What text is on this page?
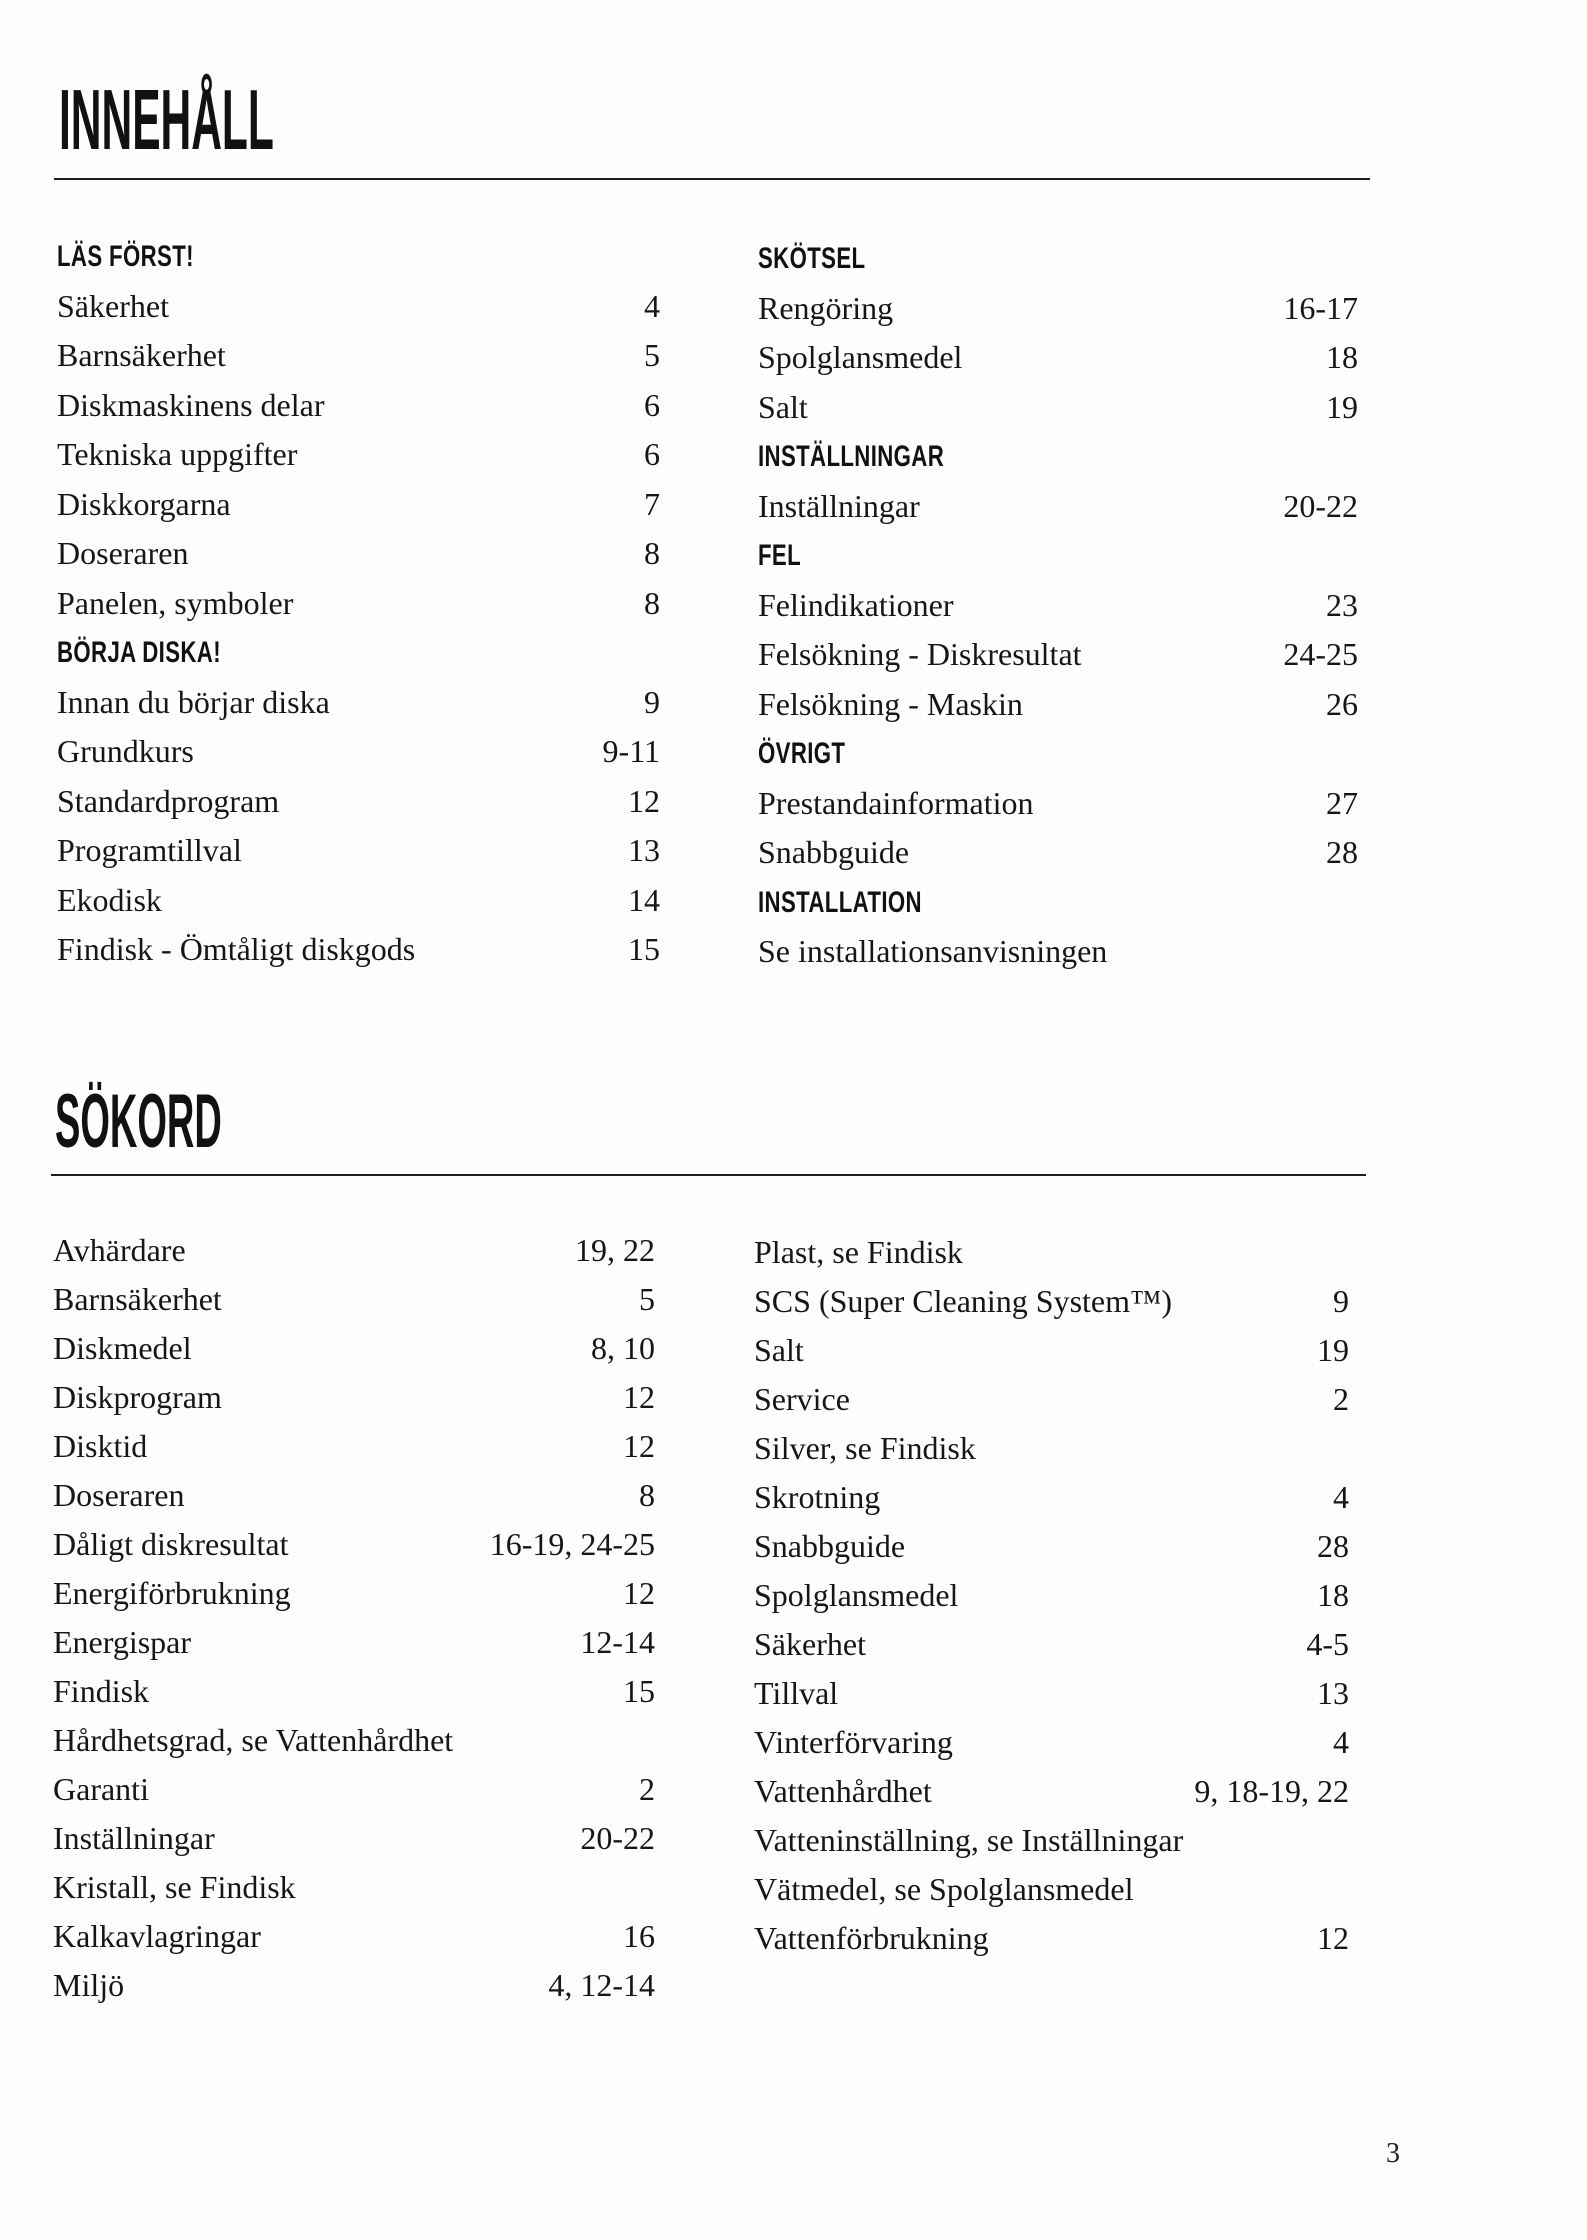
INNEHÅLL
LÄS FÖRST!
Säkerhet	4
Barnsäkerhet	5
Diskmaskinens delar	6
Tekniska uppgifter	6
Diskkorgarna	7
Doseraren	8
Panelen, symboler	8
BÖRJA DISKA!
Innan du börjar diska	9
Grundkurs	9-11
Standardprogram	12
Programtillval	13
Ekodisk	14
Findisk - Ömtåligt diskgods	15
SKÖTSEL
Rengöring	16-17
Spolglansmedel	18
Salt	19
INSTÄLLNINGAR
Inställningar	20-22
FEL
Felindikationer	23
Felsökning - Diskresultat	24-25
Felsökning - Maskin	26
ÖVRIGT
Prestandainformation	27
Snabbguide	28
INSTALLATION
Se installationsanvisningen
SÖKORD
Avhärdare	19, 22
Barnsäkerhet	5
Diskmedel	8, 10
Diskprogram	12
Disktid	12
Doseraren	8
Dåligt diskresultat	16-19, 24-25
Energiförbrukning	12
Energispar	12-14
Findisk	15
Hårdhetsgrad, se Vattenhårdhet
Garanti	2
Inställningar	20-22
Kristall, se Findisk
Kalkavlagringar	16
Miljö	4, 12-14
Plast, se Findisk
SCS (Super Cleaning System™)	9
Salt	19
Service	2
Silver, se Findisk
Skrotning	4
Snabbguide	28
Spolglansmedel	18
Säkerhet	4-5
Tillval	13
Vinterförvaring	4
Vattenhårdhet	9, 18-19, 22
Vatteninställning, se Inställningar
Vätmedel, se Spolglansmedel
Vattenförbrukning	12
3
